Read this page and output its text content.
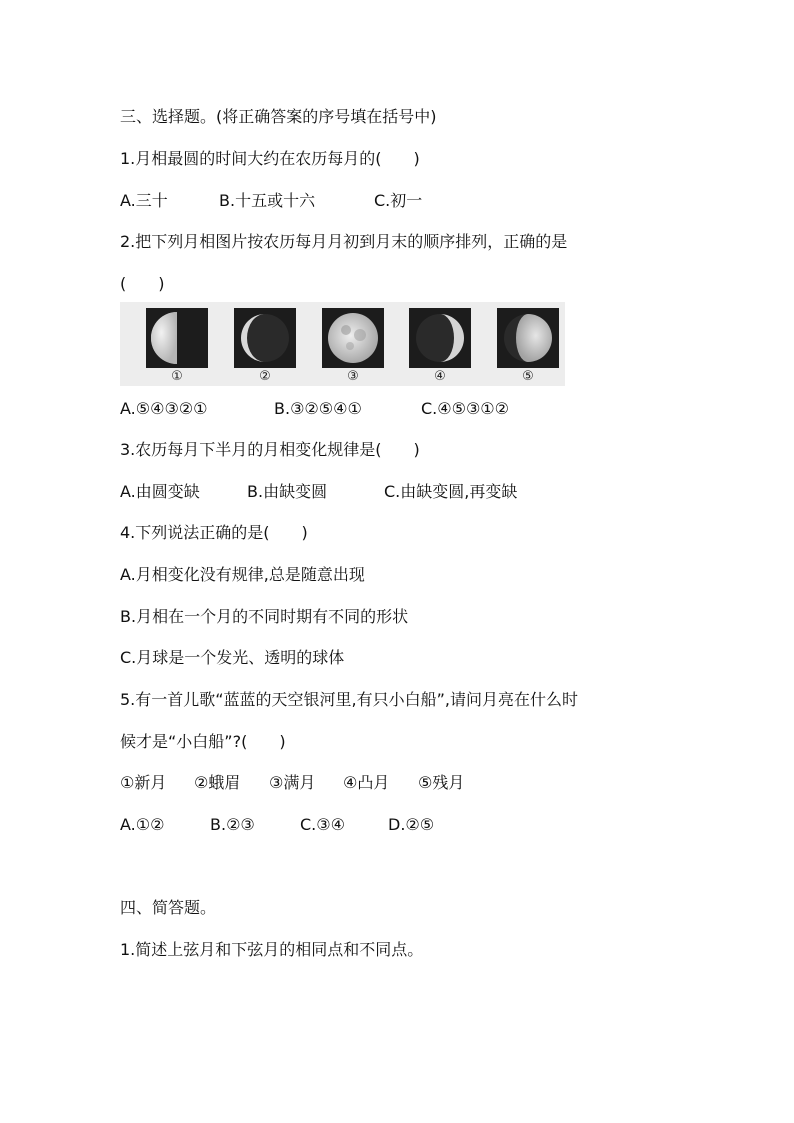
三、选择题。(将正确答案的序号填在括号中)
1.月相最圆的时间大约在农历每月的(　　)
A.三十	B.十五或十六	C.初一
2.把下列月相图片按农历每月月初到月末的顺序排列，正确的是
(　　)
①	②	③	④	⑤
A.⑤④③②①	B.③②⑤④①	C.④⑤③①②
3.农历每月下半月的月相变化规律是(　　)
A.由圆变缺	B.由缺变圆	C.由缺变圆,再变缺
4.下列说法正确的是(　　)
A.月相变化没有规律,总是随意出现
B.月相在一个月的不同时期有不同的形状
C.月球是一个发光、透明的球体
5.有一首儿歌“蓝蓝的天空银河里,有只小白船”,请问月亮在什么时
候才是“小白船”?(　　)
①新月 ②蛾眉 ③满月 ④凸月 ⑤残月
A.①②	B.②③	C.③④	D.②⑤
四、简答题。
1.简述上弦月和下弦月的相同点和不同点。
